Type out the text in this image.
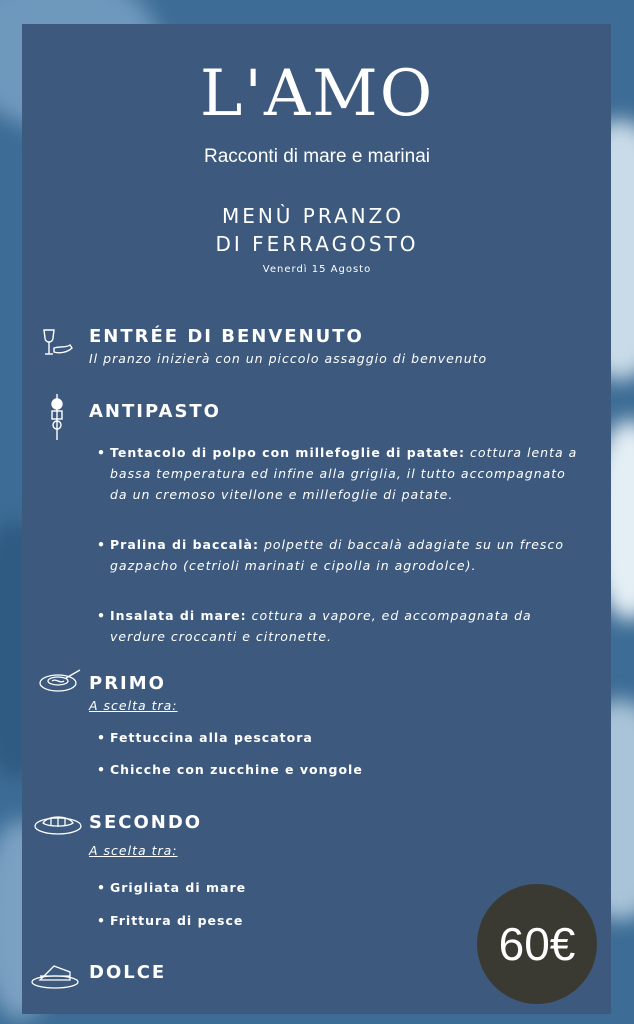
L'AMO
Racconti di mare e marinai
MENÙ PRANZO
DI FERRAGOSTO
Venerdì 15 Agosto
ENTRÉE DI BENVENUTO
Il pranzo inizierà con un piccolo assaggio di benvenuto
ANTIPASTO
• Tentacolo di polpo con millefoglie di patate: cottura lenta a bassa temperatura ed infine alla griglia, il tutto accompagnato da un cremoso vitellone e millefoglie di patate.
• Pralina di baccalà: polpette di baccalà adagiate su un fresco gazpacho (cetrioli marinati e cipolla in agrodolce).
• Insalata di mare: cottura a vapore, ed accompagnata da verdure croccanti e citronette.
PRIMO
A scelta tra:
• Fettuccina alla pescatora
• Chicche con zucchine e vongole
SECONDO
A scelta tra:
• Grigliata di mare
• Frittura di pesce
DOLCE
60€
